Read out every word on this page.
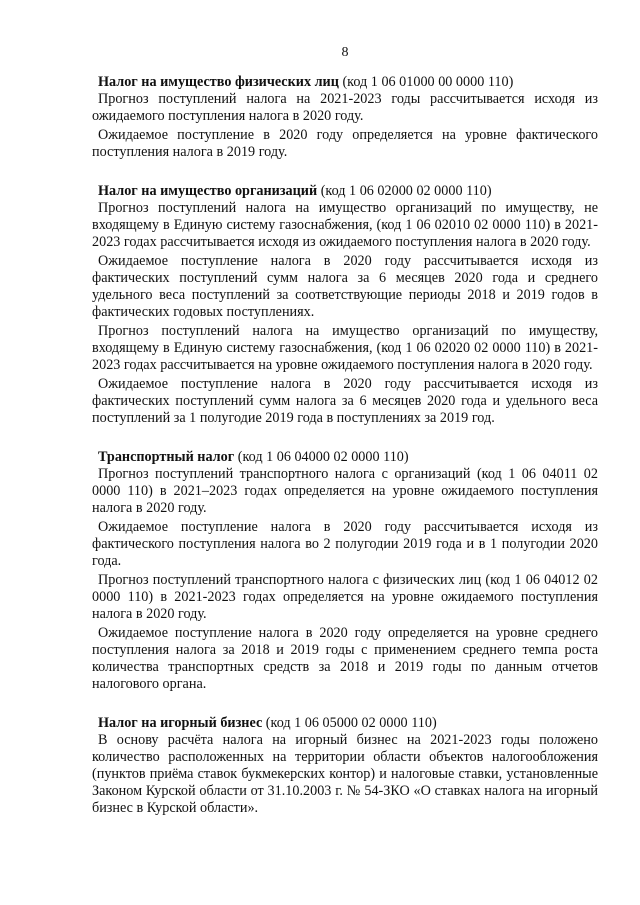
8

Налог на имущество физических лиц (код 1 06 01000 00 0000 110)

Прогноз поступлений налога на 2021-2023 годы рассчитывается исходя из ожидаемого поступления налога в 2020 году.

Ожидаемое поступление в 2020 году определяется на уровне фактического поступления налога в 2019 году.

Налог на имущество организаций (код 1 06 02000 02 0000 110)

Прогноз поступлений налога на имущество организаций по имуществу, не входящему в Единую систему газоснабжения, (код 1 06 02010 02 0000 110) в 2021-2023 годах рассчитывается исходя из ожидаемого поступления налога в 2020 году.

Ожидаемое поступление налога в 2020 году рассчитывается исходя из фактических поступлений сумм налога за 6 месяцев 2020 года и среднего удельного веса поступлений за соответствующие периоды 2018 и 2019 годов в фактических годовых поступлениях.

Прогноз поступлений налога на имущество организаций по имуществу, входящему в Единую систему газоснабжения, (код 1 06 02020 02 0000 110) в 2021-2023 годах рассчитывается на уровне ожидаемого поступления налога в 2020 году.

Ожидаемое поступление налога в 2020 году рассчитывается исходя из фактических поступлений сумм налога за 6 месяцев 2020 года и удельного веса поступлений за 1 полугодие 2019 года в поступлениях за 2019 год.

Транспортный налог (код 1 06 04000 02 0000 110)

Прогноз поступлений транспортного налога с организаций (код 1 06 04011 02 0000 110) в 2021–2023 годах определяется на уровне ожидаемого поступления налога в 2020 году.

Ожидаемое поступление налога в 2020 году рассчитывается исходя из фактического поступления налога во 2 полугодии 2019 года и в 1 полугодии 2020 года.

Прогноз поступлений транспортного налога с физических лиц (код 1 06 04012 02 0000 110) в 2021-2023 годах определяется на уровне ожидаемого поступления налога в 2020 году.

Ожидаемое поступление налога в 2020 году определяется на уровне среднего поступления налога за 2018 и 2019 годы с применением среднего темпа роста количества транспортных средств за 2018 и 2019 годы по данным отчетов налогового органа.

Налог на игорный бизнес (код 1 06 05000 02 0000 110)

В основу расчёта налога на игорный бизнес на 2021-2023 годы положено количество расположенных на территории области объектов налогообложения (пунктов приёма ставок букмекерских контор) и налоговые ставки, установленные Законом Курской области от 31.10.2003 г. № 54-ЗКО «О ставках налога на игорный бизнес в Курской области».
